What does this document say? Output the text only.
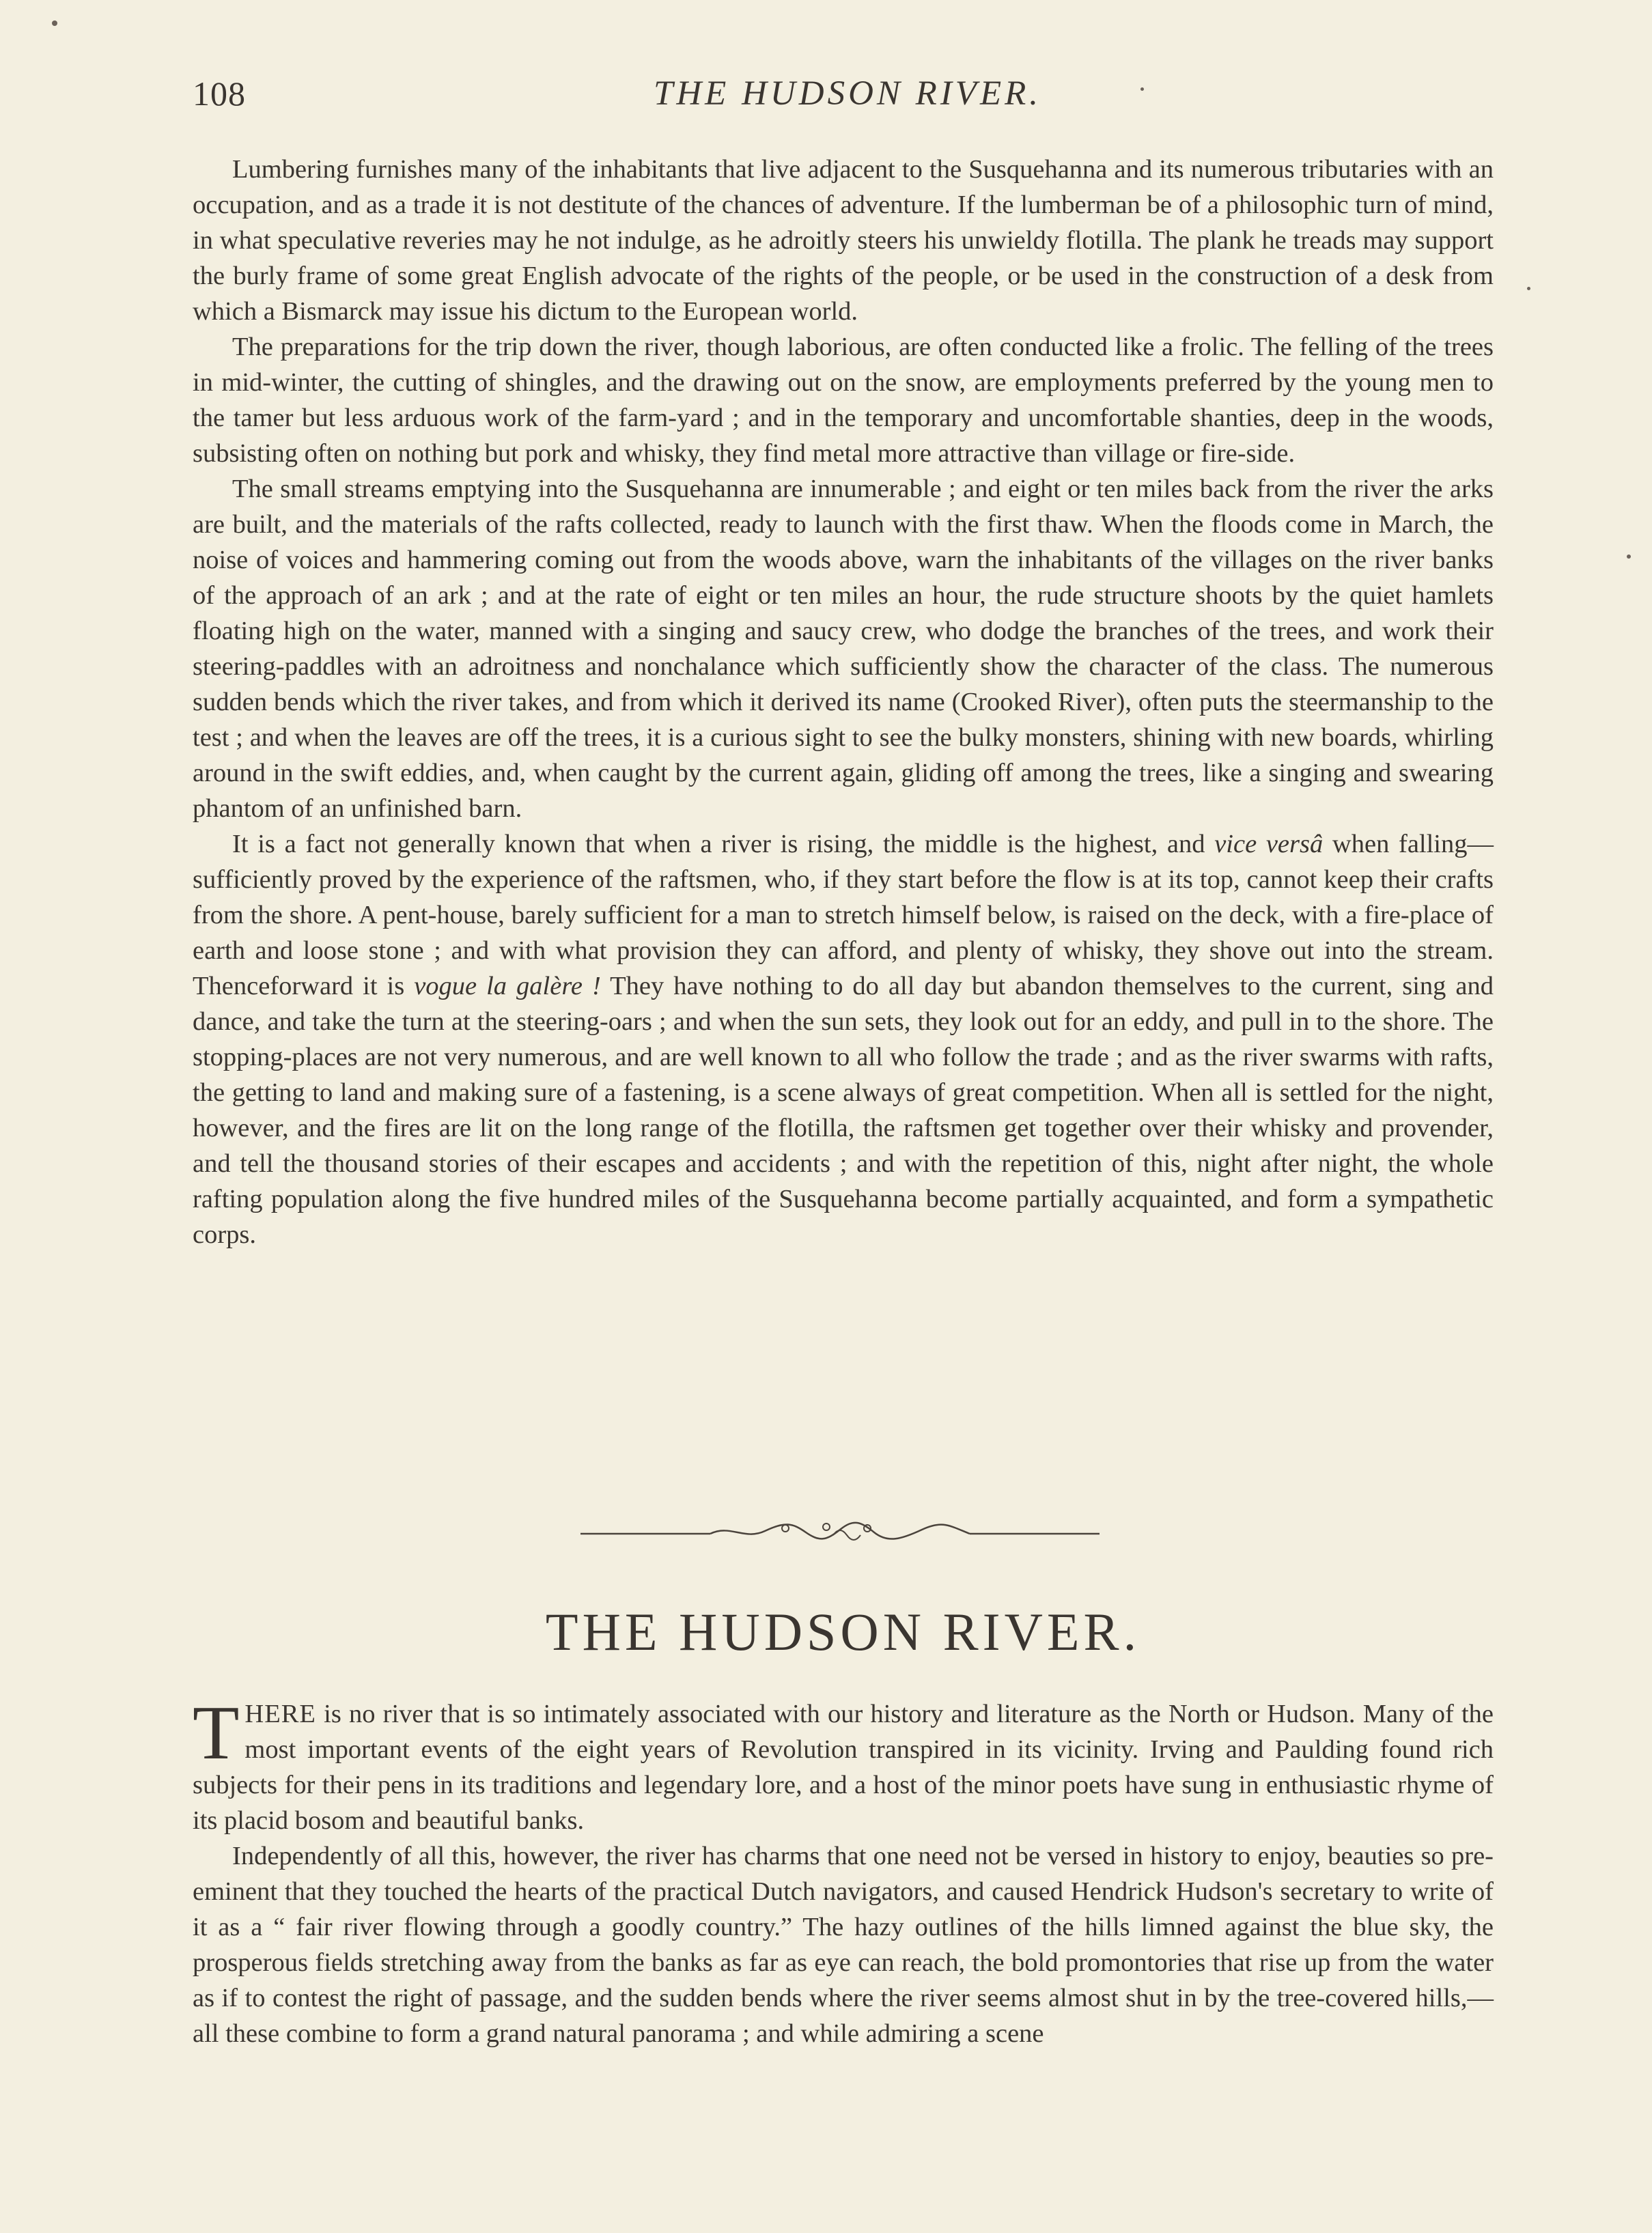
108	THE HUDSON RIVER.

Lumbering furnishes many of the inhabitants that live adjacent to the Susquehanna and its numerous tributaries with an occupation, and as a trade it is not destitute of the chances of adventure. If the lumberman be of a philosophic turn of mind, in what speculative reveries may he not indulge, as he adroitly steers his unwieldy flotilla. The plank he treads may support the burly frame of some great English advocate of the rights of the people, or be used in the construction of a desk from which a Bismarck may issue his dictum to the European world.

The preparations for the trip down the river, though laborious, are often conducted like a frolic. The felling of the trees in mid-winter, the cutting of shingles, and the drawing out on the snow, are employments preferred by the young men to the tamer but less arduous work of the farm-yard ; and in the temporary and uncomfortable shanties, deep in the woods, subsisting often on nothing but pork and whisky, they find metal more attractive than village or fire-side.

The small streams emptying into the Susquehanna are innumerable ; and eight or ten miles back from the river the arks are built, and the materials of the rafts collected, ready to launch with the first thaw. When the floods come in March, the noise of voices and hammering coming out from the woods above, warn the inhabitants of the villages on the river banks of the approach of an ark ; and at the rate of eight or ten miles an hour, the rude structure shoots by the quiet hamlets floating high on the water, manned with a singing and saucy crew, who dodge the branches of the trees, and work their steering-paddles with an adroitness and nonchalance which sufficiently show the character of the class. The numerous sudden bends which the river takes, and from which it derived its name (Crooked River), often puts the steermanship to the test ; and when the leaves are off the trees, it is a curious sight to see the bulky monsters, shining with new boards, whirling around in the swift eddies, and, when caught by the current again, gliding off among the trees, like a singing and swearing phantom of an unfinished barn.

It is a fact not generally known that when a river is rising, the middle is the highest, and vice versâ when falling—sufficiently proved by the experience of the raftsmen, who, if they start before the flow is at its top, cannot keep their crafts from the shore. A pent-house, barely sufficient for a man to stretch himself below, is raised on the deck, with a fire-place of earth and loose stone ; and with what provision they can afford, and plenty of whisky, they shove out into the stream. Thenceforward it is vogue la galère ! They have nothing to do all day but abandon themselves to the current, sing and dance, and take the turn at the steering-oars ; and when the sun sets, they look out for an eddy, and pull in to the shore. The stopping-places are not very numerous, and are well known to all who follow the trade ; and as the river swarms with rafts, the getting to land and making sure of a fastening, is a scene always of great competition. When all is settled for the night, however, and the fires are lit on the long range of the flotilla, the raftsmen get together over their whisky and provender, and tell the thousand stories of their escapes and accidents ; and with the repetition of this, night after night, the whole rafting population along the five hundred miles of the Susquehanna become partially acquainted, and form a sympathetic corps.

THE HUDSON RIVER.

THERE is no river that is so intimately associated with our history and literature as the North or Hudson. Many of the most important events of the eight years of Revolution transpired in its vicinity. Irving and Paulding found rich subjects for their pens in its traditions and legendary lore, and a host of the minor poets have sung in enthusiastic rhyme of its placid bosom and beautiful banks.

Independently of all this, however, the river has charms that one need not be versed in history to enjoy, beauties so pre-eminent that they touched the hearts of the practical Dutch navigators, and caused Hendrick Hudson's secretary to write of it as a “ fair river flowing through a goodly country.” The hazy outlines of the hills limned against the blue sky, the prosperous fields stretching away from the banks as far as eye can reach, the bold promontories that rise up from the water as if to contest the right of passage, and the sudden bends where the river seems almost shut in by the tree-covered hills,—all these combine to form a grand natural panorama ; and while admiring a scene
